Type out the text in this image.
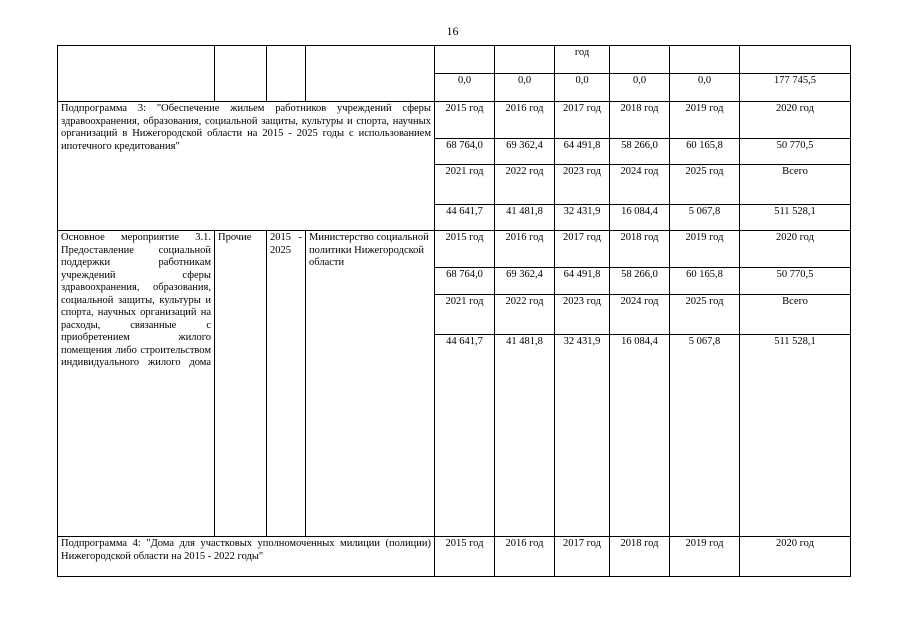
16
						год			
				0,0	0,0	0,0	0,0	0,0	177 745,5
Подпрограмма 3: "Обеспечение жильем работников учреждений сферы здравоохранения, образования, социальной защиты, культуры и спорта, научных организаций в Нижегородской области на 2015 - 2025 годы с использованием ипотечного кредитования"				2015 год	2016 год	2017 год	2018 год	2019 год	2020 год
				68 764,0	69 362,4	64 491,8	58 266,0	60 165,8	50 770,5
				2021 год	2022 год	2023 год	2024 год	2025 год	Всего
				44 641,7	41 481,8	32 431,9	16 084,4	5 067,8	511 528,1
Основное мероприятие 3.1. Предоставление социальной поддержки работникам учреждений сферы здравоохранения, образования, социальной защиты, культуры и спорта, научных организаций на расходы, связанные с приобретением жилого помещения либо строительством индивидуального жилого дома	Прочие	2015 - 2025	Министерство социальной политики Нижегородской области	2015 год	2016 год	2017 год	2018 год	2019 год	2020 год
				68 764,0	69 362,4	64 491,8	58 266,0	60 165,8	50 770,5
				2021 год	2022 год	2023 год	2024 год	2025 год	Всего
				44 641,7	41 481,8	32 431,9	16 084,4	5 067,8	511 528,1
Подпрограмма 4: "Дома для участковых уполномоченных милиции (полиции) Нижегородской области на 2015 - 2022 годы"				2015 год	2016 год	2017 год	2018 год	2019 год	2020 год
